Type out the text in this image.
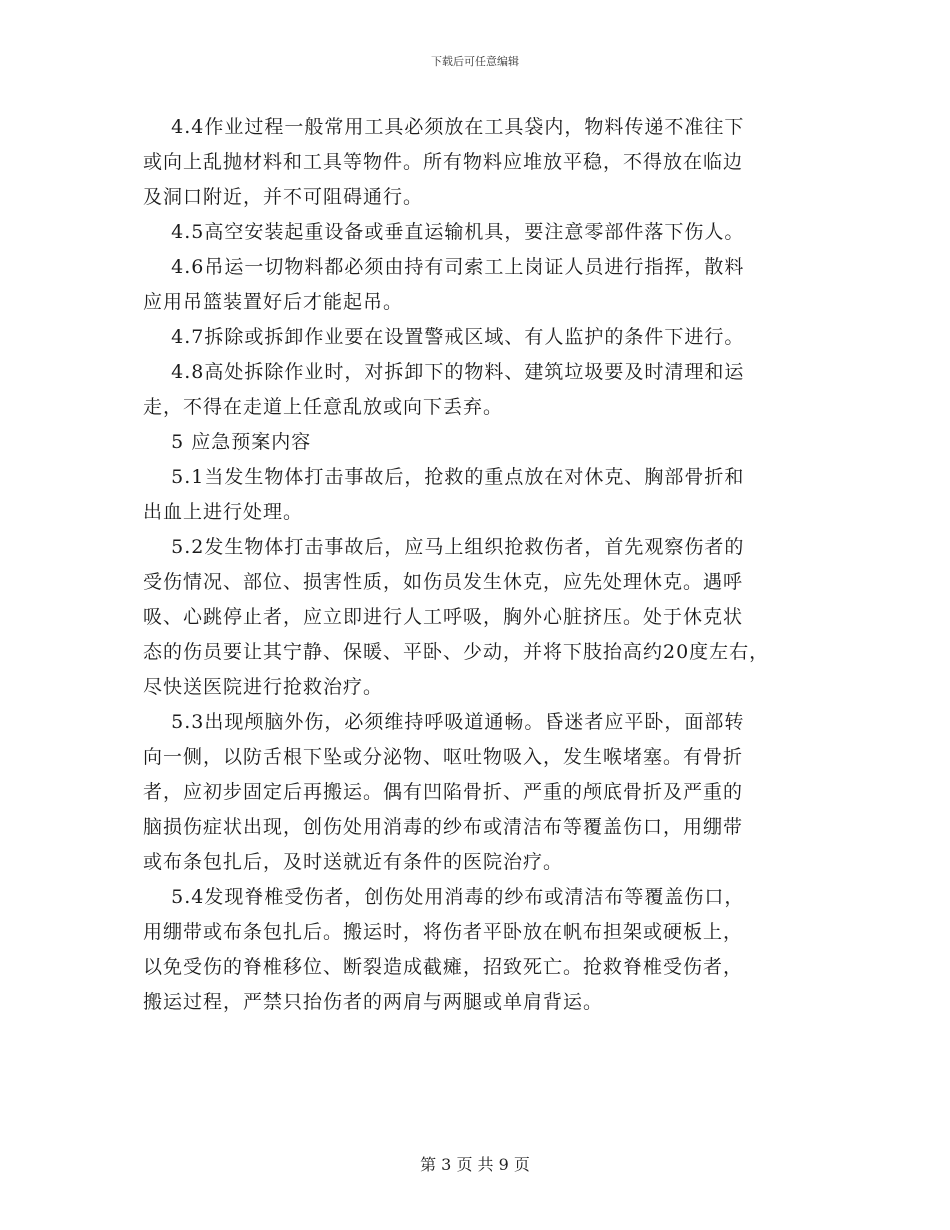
下载后可任意编辑
4.4作业过程一般常用工具必须放在工具袋内，物料传递不准往下
或向上乱抛材料和工具等物件。所有物料应堆放平稳，不得放在临边
及洞口附近，并不可阻碍通行。
4.5高空安装起重设备或垂直运输机具，要注意零部件落下伤人。
4.6吊运一切物料都必须由持有司索工上岗证人员进行指挥，散料
应用吊篮装置好后才能起吊。
4.7拆除或拆卸作业要在设置警戒区域、有人监护的条件下进行。
4.8高处拆除作业时，对拆卸下的物料、建筑垃圾要及时清理和运
走，不得在走道上任意乱放或向下丢弃。
5 应急预案内容
5.1当发生物体打击事故后，抢救的重点放在对休克、胸部骨折和
出血上进行处理。
5.2发生物体打击事故后，应马上组织抢救伤者，首先观察伤者的
受伤情况、部位、损害性质，如伤员发生休克，应先处理休克。遇呼
吸、心跳停止者，应立即进行人工呼吸，胸外心脏挤压。处于休克状
态的伤员要让其宁静、保暖、平卧、少动，并将下肢抬高约20度左右，
尽快送医院进行抢救治疗。
5.3出现颅脑外伤，必须维持呼吸道通畅。昏迷者应平卧，面部转
向一侧，以防舌根下坠或分泌物、呕吐物吸入，发生喉堵塞。有骨折
者，应初步固定后再搬运。偶有凹陷骨折、严重的颅底骨折及严重的
脑损伤症状出现，创伤处用消毒的纱布或清洁布等覆盖伤口，用绷带
或布条包扎后，及时送就近有条件的医院治疗。
5.4发现脊椎受伤者，创伤处用消毒的纱布或清洁布等覆盖伤口，
用绷带或布条包扎后。搬运时，将伤者平卧放在帆布担架或硬板上，
以免受伤的脊椎移位、断裂造成截瘫，招致死亡。抢救脊椎受伤者，
搬运过程，严禁只抬伤者的两肩与两腿或单肩背运。
第 3 页 共 9 页
